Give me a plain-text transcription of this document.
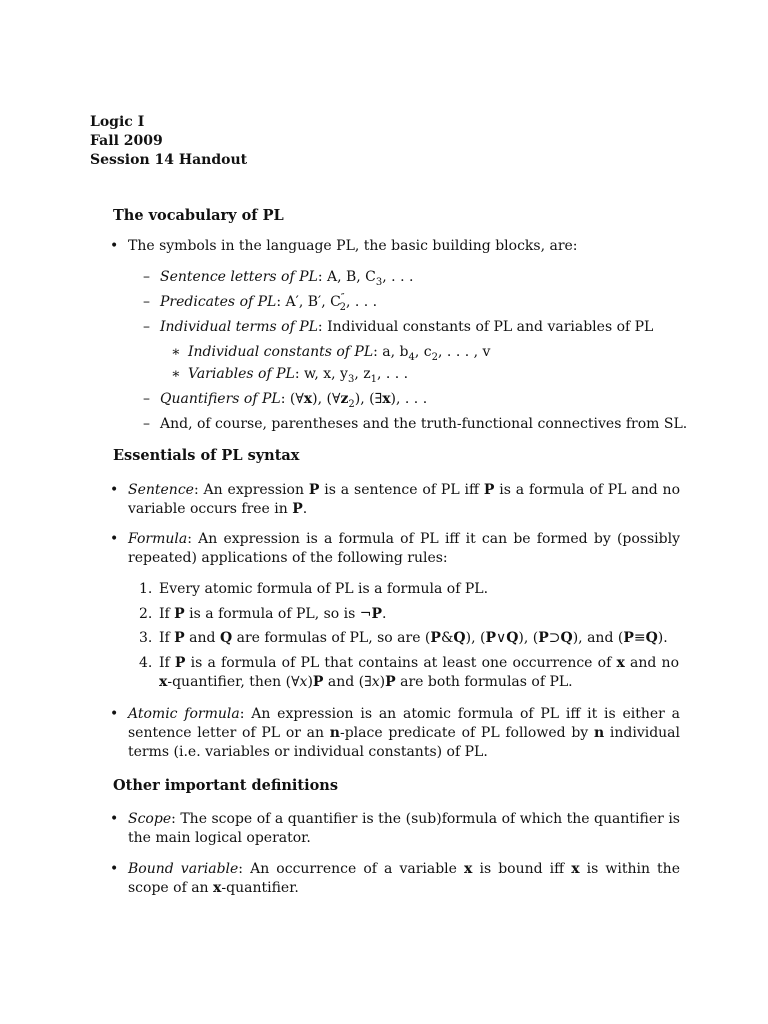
Logic I
Fall 2009
Session 14 Handout
The vocabulary of PL
• The symbols in the language PL, the basic building blocks, are:
– Sentence letters of PL: A, B, $C_3$, . . .
– Predicates of PL: A′, B′, $C''_2$, . . .
– Individual terms of PL: Individual constants of PL and variables of PL
∗ Individual constants of PL: a, $b_4$, $c_2$, . . . , v
∗ Variables of PL: w, x, $y_3$, $z_1$, . . .
– Quantifiers of PL: (∀x), $(\forall z_2)$, (∃x), . . .
– And, of course, parentheses and the truth-functional connectives from SL.
Essentials of PL syntax
• Sentence: An expression P is a sentence of PL iff P is a formula of PL and no variable occurs free in P.
• Formula: An expression is a formula of PL iff it can be formed by (possibly repeated) applications of the following rules:
1. Every atomic formula of PL is a formula of PL.
2. If P is a formula of PL, so is ¬P.
3. If P and Q are formulas of PL, so are (P&Q), (P∨Q), (P⊃Q), and (P≡Q).
4. If P is a formula of PL that contains at least one occurrence of x and no x-quantifier, then (∀x)P and (∃x)P are both formulas of PL.
• Atomic formula: An expression is an atomic formula of PL iff it is either a sentence letter of PL or an n-place predicate of PL followed by n individual terms (i.e. variables or individual constants) of PL.
Other important definitions
• Scope: The scope of a quantifier is the (sub)formula of which the quantifier is the main logical operator.
• Bound variable: An occurrence of a variable x is bound iff x is within the scope of an x-quantifier.
